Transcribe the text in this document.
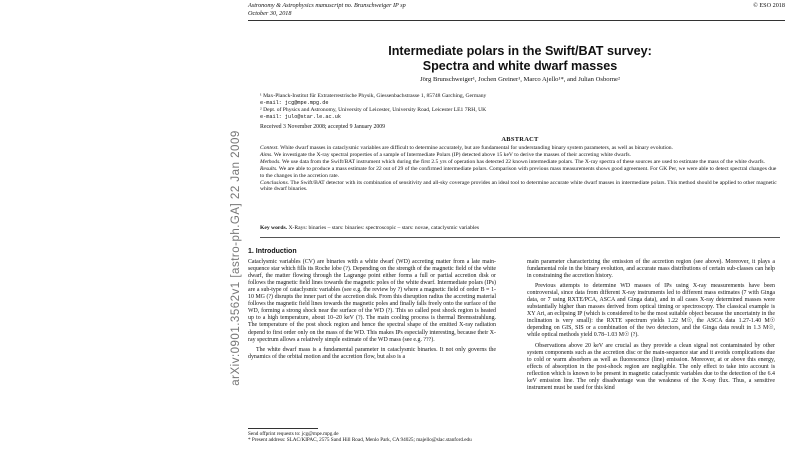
Astronomy & Astrophysics manuscript no. Brunschweiger IP sp
October 30, 2018
© ESO 2018
Intermediate polars in the Swift/BAT survey:
Spectra and white dwarf masses
Jörg Brunschweiger¹, Jochen Greiner¹, Marco Ajello¹*, and Julian Osborne²
¹ Max-Planck-Institut für Extraterrestrische Physik, Giessenbachstrasse 1, 85748 Garching, Germany
e-mail: jcg@mpe.mpg.de
² Dept. of Physics and Astronomy, University of Leicester, University Road, Leicester LE1 7RH, UK
e-mail: julo@star.le.ac.uk
Received 3 November 2008; accepted 9 January 2009
ABSTRACT

Context. White dwarf masses in cataclysmic variables are difficult to determine accurately, but are fundamental for understanding binary system parameters, as well as binary evolution.

Aims. We investigate the X-ray spectral properties of a sample of Intermediate Polars (IP) detected above 15 keV to derive the masses of their accreting white dwarfs.

Methods. We use data from the Swift/BAT instrument which during the first 2.5 yrs of operation has detected 22 known intermediate polars. The X-ray spectra of these sources are used to estimate the mass of the white dwarfs.

Results. We are able to produce a mass estimate for 22 out of 29 of the confirmed intermediate polars. Comparison with previous mass measurements shows good agreement. For GK Per, we were able to detect spectral changes due to the changes in the accretion rate.

Conclusions. The Swift/BAT detector with its combination of sensitivity and all-sky coverage provides an ideal tool to determine accurate white dwarf masses in intermediate polars. This method should be applied to other magnetic white dwarf binaries.

Key words. X-Rays: binaries – stars: binaries: spectroscopic – stars: novae, cataclysmic variables
1. Introduction

Cataclysmic variables (CV) are binaries with a white dwarf (WD) accreting matter from a late main-sequence star which fills its Roche lobe (?). Depending on the strength of the magnetic field of the white dwarf, the matter flowing through the Lagrange point either forms a full or partial accretion disk or follows the magnetic field lines towards the magnetic poles of the white dwarf. Intermediate polars (IPs) are a sub-type of cataclysmic variables (see e.g. the review by ?) where a magnetic field of order B ≈ 1-10 MG (?) disrupts the inner part of the accretion disk. From this disruption radius the accreting material follows the magnetic field lines towards the magnetic poles and finally falls freely onto the surface of the WD, forming a strong shock near the surface of the WD (?). This so called post shock region is heated up to a high temperature, about 10–20 keV (?). The main cooling process is thermal Bremsstrahlung. The temperature of the post shock region and hence the spectral shape of the emitted X-ray radiation depend to first order only on the mass of the WD. This makes IPs especially interesting, because their X-ray spectrum allows a relatively simple estimate of the WD mass (see e.g. ???).

The white dwarf mass is a fundamental parameter in cataclysmic binaries. It not only governs the dynamics of the orbital motion and the accretion flow, but also is a

main parameter characterizing the emission of the accretion region (see above). Moreover, it plays a fundamental role in the binary evolution, and accurate mass distributions of certain sub-classes can help in constraining the accretion history.

Previous attempts to determine WD masses of IPs using X-ray measurements have been controversial, since data from different X-ray instruments led to different mass estimates (7 with Ginga data, or 7 using RXTE/PCA, ASCA and Ginga data), and in all cases X-ray determined masses were substantially higher than masses derived from optical timing or spectroscopy. The classical example is XY Ari, an eclipsing IP (which is considered to be the most suitable object because the uncertainty in the inclination is very small): the RXTE spectrum yields 1.22 M☉, the ASCA data 1.27-1.40 M☉ depending on GIS, SIS or a combination of the two detectors, and the Ginga data result in 1.3 M☉, while optical methods yield 0.78–1.03 M☉ (?).

Observations above 20 keV are crucial as they provide a clean signal not contaminated by other system components such as the accretion disc or the main-sequence star and it avoids complications due to cold or warm absorbers as well as fluorescence (line) emission. Moreover, at or above this energy, effects of absorption in the post-shock region are negligible. The only effect to take into account is reflection which is known to be present in magnetic cataclysmic variables due to the detection of the 6.4 keV emission line. The only disadvantage was the weakness of the X-ray flux. Thus, a sensitive instrument must be used for this kind

Send offprint requests to: jcg@mpe.mpg.de
* Present address: SLAC/KIPAC, 2575 Sand Hill Road, Menlo Park, CA 94025; majello@slac.stanford.edu
arXiv:0901.3562v1 [astro-ph.GA] 22 Jan 2009
